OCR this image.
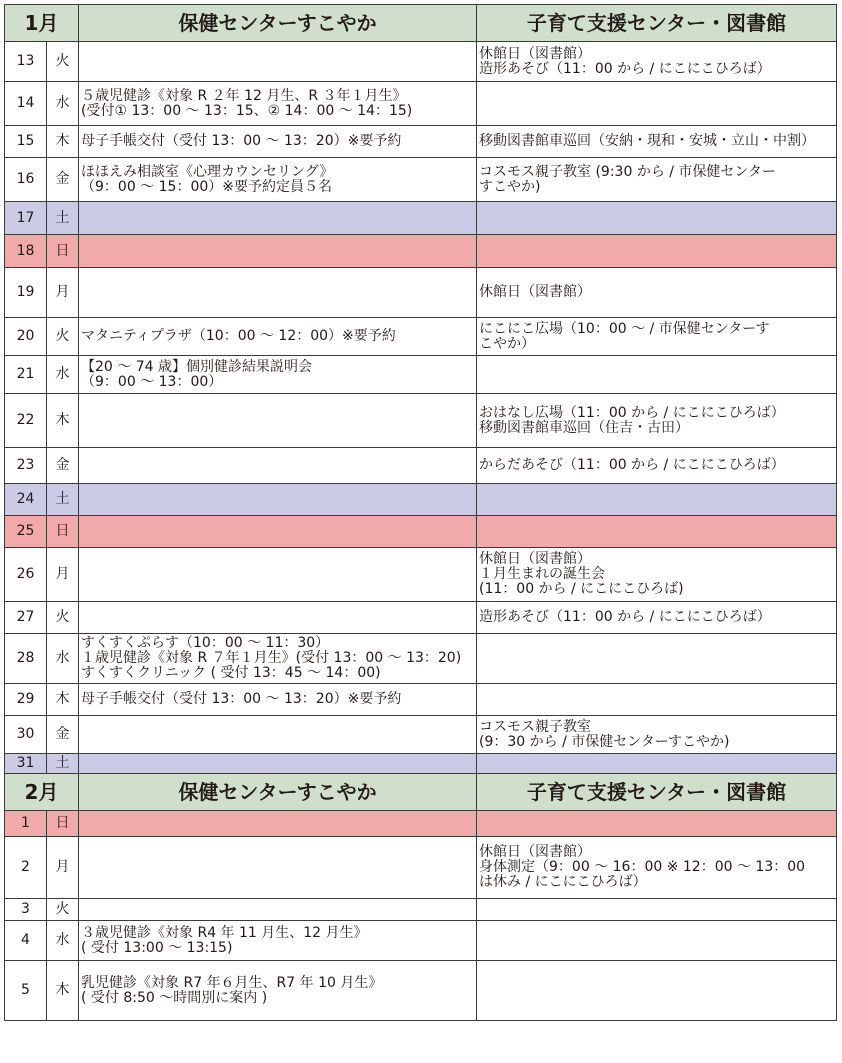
1月		保健センターすこやか	子育て支援センター・図書館
13	火		休館日（図書館）
造形あそび（11：00 から / にこにこひろば）

14	水	５歳児健診《対象 R ２年 12 月生、R ３年１月生》
(受付① 13：00 ～ 13：15、② 14：00 ～ 14：15)	

15	木	母子手帳交付（受付 13：00 ～ 13：20）※要予約	移動図書館車巡回（安納・現和・安城・立山・中割）

16	金	ほほえみ相談室《心理カウンセリング》
（9：00 ～ 15：00）※要予約定員５名	コスモス親子教室 (9:30 から / 市保健センター
すこやか)

17	土		
18	日		
19	月		休館日（図書館）

20	火	マタニティプラザ（10：00 ～ 12：00）※要予約	にこにこ広場（10：00 ～ / 市保健センターす
こやか）

21	水	【20 ～ 74 歳】個別健診結果説明会
（9：00 ～ 13：00）	

22	木		おはなし広場（11：00 から / にこにこひろば）
移動図書館車巡回（住吉・古田）

23	金		からだあそび（11：00 から / にこにこひろば）

24	土		
25	日		
26	月		休館日（図書館）
１月生まれの誕生会
(11：00 から / にこにこひろば)

27	火		造形あそび（11：00 から / にこにこひろば）

28	水	すくすくぷらす（10：00 ～ 11：30）
１歳児健診《対象 R ７年１月生》(受付 13：00 ～ 13：20)
すくすくクリニック ( 受付 13：45 ～ 14：00)	

29	木	母子手帳交付（受付 13：00 ～ 13：20）※要予約	

30	金		コスモス親子教室
(9：30 から / 市保健センターすこやか)

31	土		
2月		保健センターすこやか	子育て支援センター・図書館
1	日		
2	月		休館日（図書館）
身体測定（9：00 ～ 16：00 ※ 12：00 ～ 13：00
は休み / にこにこひろば）

3	火		
4	水	３歳児健診《対象 R4 年 11 月生、12 月生》
( 受付 13:00 ～ 13:15)	

5	木	乳児健診《対象 R7 年６月生、R7 年 10 月生》
( 受付 8:50 ～時間別に案内 )	
